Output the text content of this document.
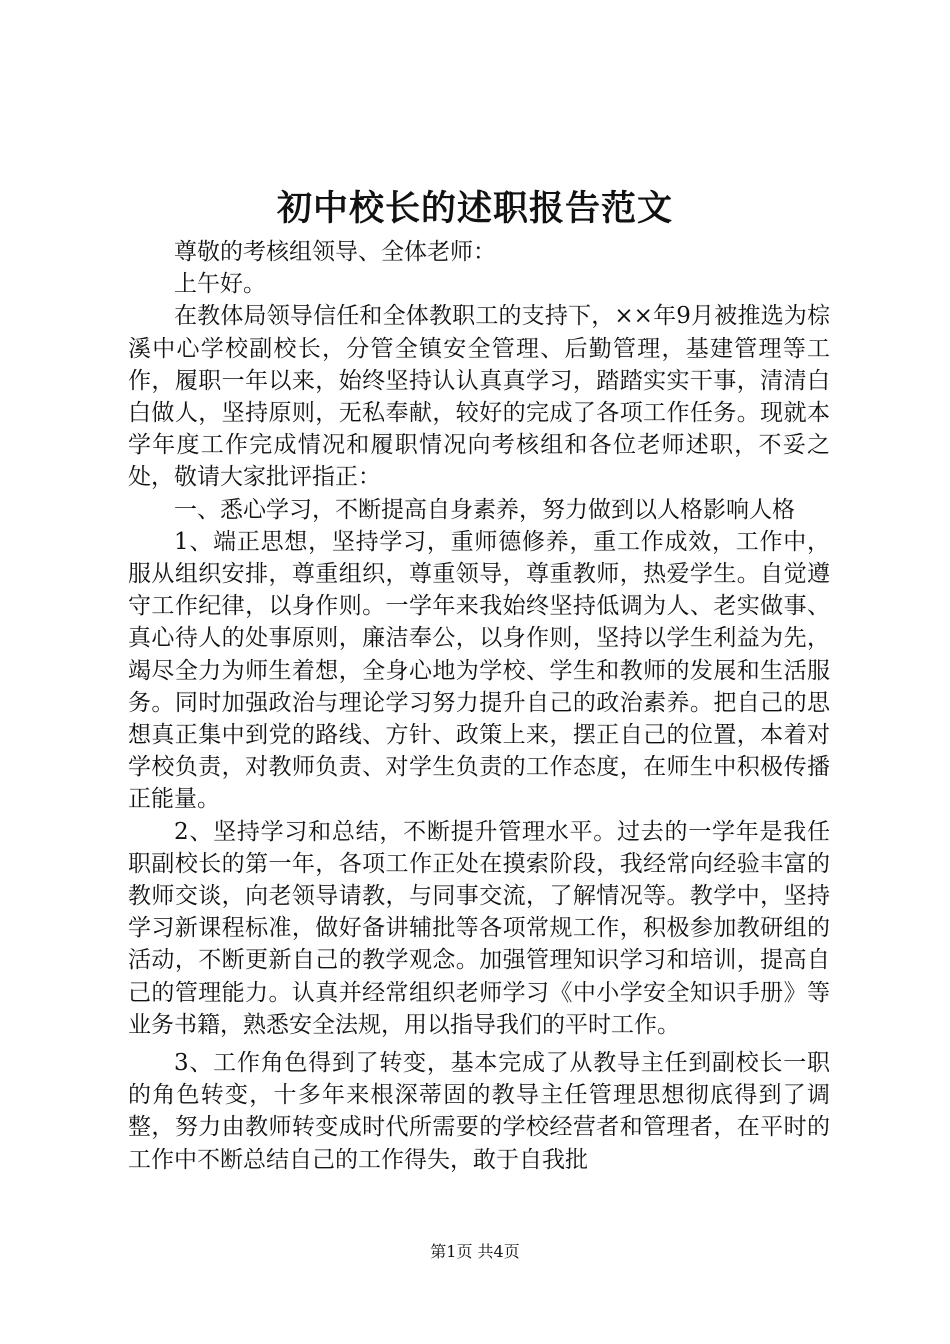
初中校长的述职报告范文

尊敬的考核组领导、全体老师：

上午好。

在教体局领导信任和全体教职工的支持下，××年9月被推选为棕溪中心学校副校长，分管全镇安全管理、后勤管理，基建管理等工作，履职一年以来，始终坚持认认真真学习，踏踏实实干事，清清白白做人，坚持原则，无私奉献，较好的完成了各项工作任务。现就本学年度工作完成情况和履职情况向考核组和各位老师述职，不妥之处，敬请大家批评指正：

一、悉心学习，不断提高自身素养，努力做到以人格影响人格

1、端正思想，坚持学习，重师德修养，重工作成效，工作中，服从组织安排，尊重组织，尊重领导，尊重教师，热爱学生。自觉遵守工作纪律，以身作则。一学年来我始终坚持低调为人、老实做事、真心待人的处事原则，廉洁奉公，以身作则，坚持以学生利益为先，竭尽全力为师生着想，全身心地为学校、学生和教师的发展和生活服务。同时加强政治与理论学习努力提升自己的政治素养。把自己的思想真正集中到党的路线、方针、政策上来，摆正自己的位置，本着对学校负责，对教师负责、对学生负责的工作态度，在师生中积极传播正能量。

2、坚持学习和总结，不断提升管理水平。过去的一学年是我任职副校长的第一年，各项工作正处在摸索阶段，我经常向经验丰富的教师交谈，向老领导请教，与同事交流，了解情况等。教学中，坚持学习新课程标准，做好备讲辅批等各项常规工作，积极参加教研组的活动，不断更新自己的教学观念。加强管理知识学习和培训，提高自己的管理能力。认真并经常组织老师学习《中小学安全知识手册》等业务书籍，熟悉安全法规，用以指导我们的平时工作。

3、工作角色得到了转变，基本完成了从教导主任到副校长一职的角色转变，十多年来根深蒂固的教导主任管理思想彻底得到了调整，努力由教师转变成时代所需要的学校经营者和管理者，在平时的工作中不断总结自己的工作得失，敢于自我批

第1页 共4页
